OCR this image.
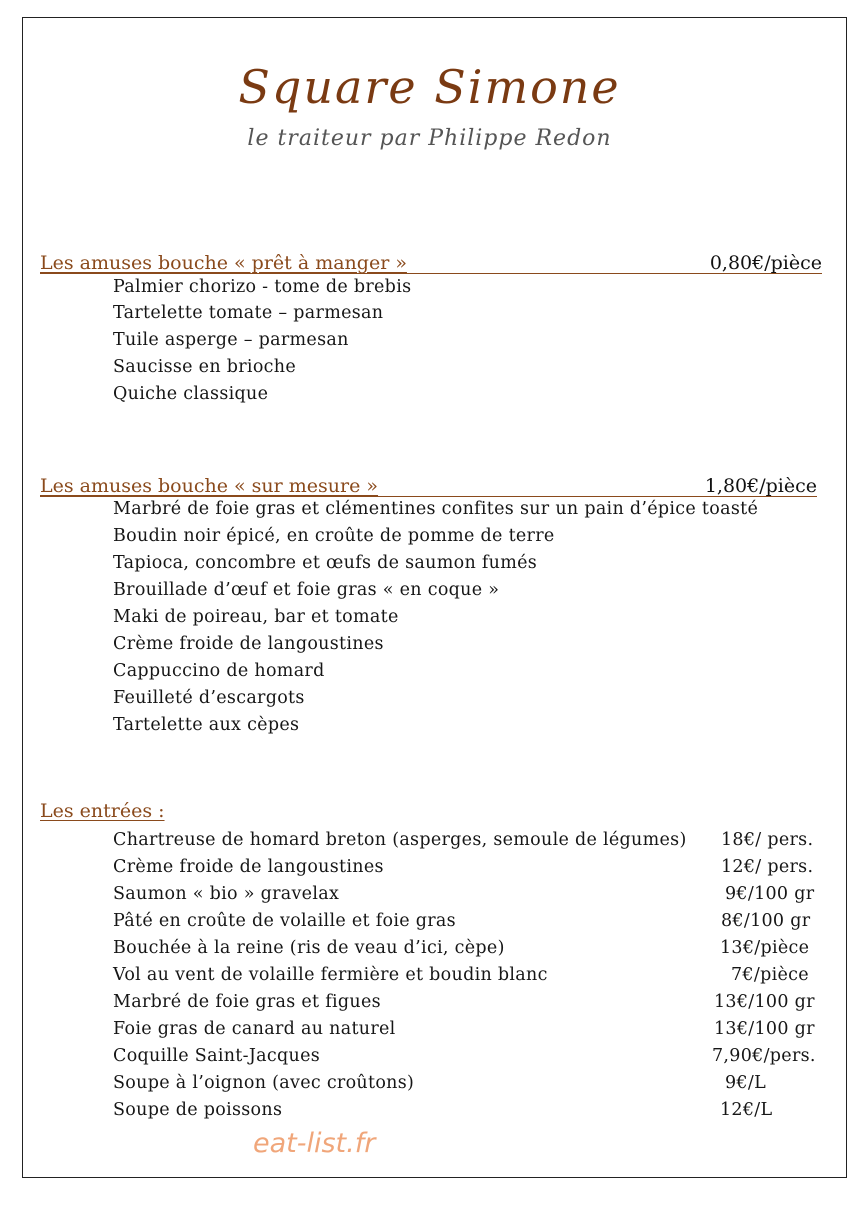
Square Simone
le traiteur par Philippe Redon
Les amuses bouche « prêt à manger »	0,80€/pièce
Palmier chorizo - tome de brebis
Tartelette tomate – parmesan
Tuile asperge – parmesan
Saucisse en brioche
Quiche classique
Les amuses bouche « sur mesure »	1,80€/pièce
Marbré de foie gras et clémentines confites sur un pain d’épice toasté
Boudin noir épicé, en croûte de pomme de terre
Tapioca, concombre et œufs de saumon fumés
Brouillade d’œuf et foie gras « en coque »
Maki de poireau, bar et tomate
Crème froide de langoustines
Cappuccino de homard
Feuilleté d’escargots
Tartelette aux cèpes
Les entrées :
Chartreuse de homard breton (asperges, semoule de légumes) 18€/ pers.
Crème froide de langoustines	12€/ pers.
Saumon « bio » gravelax	9€/100 gr
Pâté en croûte de volaille et foie gras	8€/100 gr
Bouchée à la reine (ris de veau d’ici, cèpe)	13€/pièce
Vol au vent de volaille fermière et boudin blanc	7€/pièce
Marbré de foie gras et figues	13€/100 gr
Foie gras de canard au naturel	13€/100 gr
Coquille Saint-Jacques	7,90€/pers.
Soupe à l’oignon (avec croûtons)	9€/L
Soupe de poissons	12€/L
eat-list.fr
